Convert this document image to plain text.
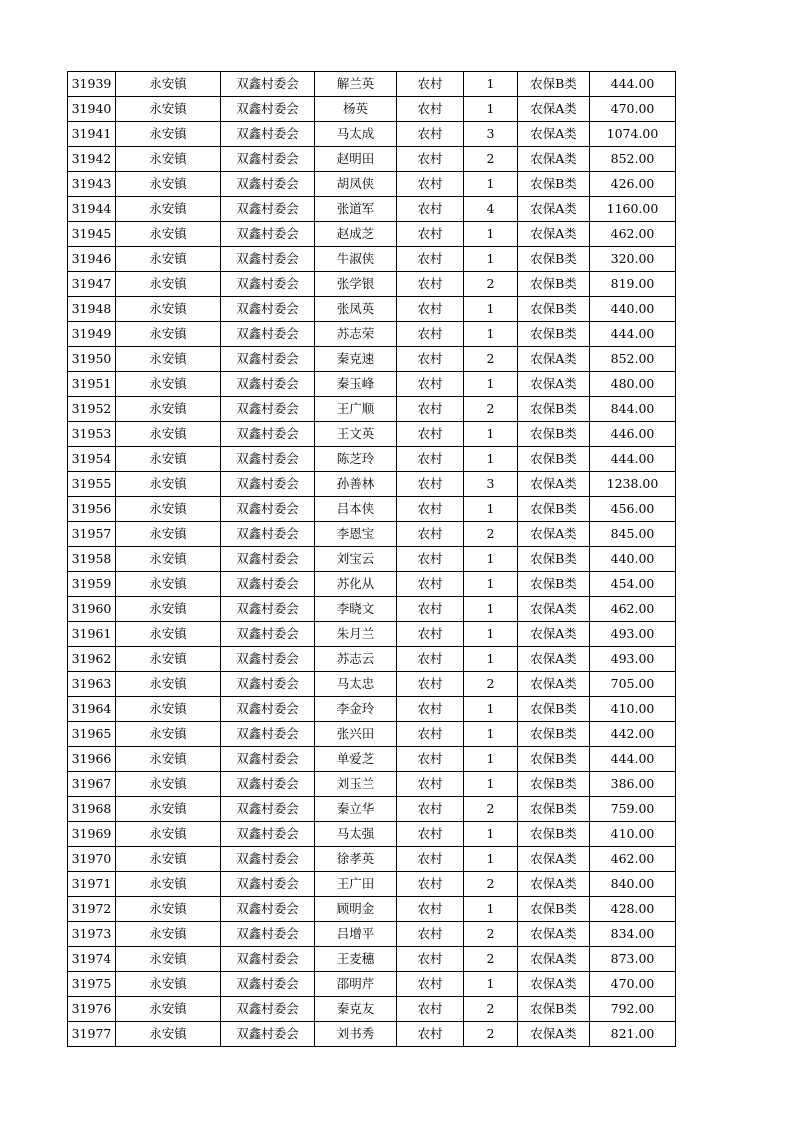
31939	永安镇	双鑫村委会	解兰英	农村	1	农保B类	444.00
31940	永安镇	双鑫村委会	杨英	农村	1	农保A类	470.00
31941	永安镇	双鑫村委会	马太成	农村	3	农保A类	1074.00
31942	永安镇	双鑫村委会	赵明田	农村	2	农保A类	852.00
31943	永安镇	双鑫村委会	胡凤侠	农村	1	农保B类	426.00
31944	永安镇	双鑫村委会	张道军	农村	4	农保A类	1160.00
31945	永安镇	双鑫村委会	赵成芝	农村	1	农保A类	462.00
31946	永安镇	双鑫村委会	牛淑侠	农村	1	农保B类	320.00
31947	永安镇	双鑫村委会	张学银	农村	2	农保B类	819.00
31948	永安镇	双鑫村委会	张凤英	农村	1	农保B类	440.00
31949	永安镇	双鑫村委会	苏志荣	农村	1	农保B类	444.00
31950	永安镇	双鑫村委会	秦克速	农村	2	农保A类	852.00
31951	永安镇	双鑫村委会	秦玉峰	农村	1	农保A类	480.00
31952	永安镇	双鑫村委会	王广顺	农村	2	农保B类	844.00
31953	永安镇	双鑫村委会	王文英	农村	1	农保B类	446.00
31954	永安镇	双鑫村委会	陈芝玲	农村	1	农保B类	444.00
31955	永安镇	双鑫村委会	孙善林	农村	3	农保A类	1238.00
31956	永安镇	双鑫村委会	吕本侠	农村	1	农保B类	456.00
31957	永安镇	双鑫村委会	李恩宝	农村	2	农保A类	845.00
31958	永安镇	双鑫村委会	刘宝云	农村	1	农保B类	440.00
31959	永安镇	双鑫村委会	苏化从	农村	1	农保B类	454.00
31960	永安镇	双鑫村委会	李晓文	农村	1	农保A类	462.00
31961	永安镇	双鑫村委会	朱月兰	农村	1	农保A类	493.00
31962	永安镇	双鑫村委会	苏志云	农村	1	农保A类	493.00
31963	永安镇	双鑫村委会	马太忠	农村	2	农保A类	705.00
31964	永安镇	双鑫村委会	李金玲	农村	1	农保B类	410.00
31965	永安镇	双鑫村委会	张兴田	农村	1	农保B类	442.00
31966	永安镇	双鑫村委会	单爱芝	农村	1	农保B类	444.00
31967	永安镇	双鑫村委会	刘玉兰	农村	1	农保B类	386.00
31968	永安镇	双鑫村委会	秦立华	农村	2	农保B类	759.00
31969	永安镇	双鑫村委会	马太强	农村	1	农保B类	410.00
31970	永安镇	双鑫村委会	徐孝英	农村	1	农保A类	462.00
31971	永安镇	双鑫村委会	王广田	农村	2	农保A类	840.00
31972	永安镇	双鑫村委会	顾明金	农村	1	农保B类	428.00
31973	永安镇	双鑫村委会	吕增平	农村	2	农保A类	834.00
31974	永安镇	双鑫村委会	王麦穗	农村	2	农保A类	873.00
31975	永安镇	双鑫村委会	邵明芹	农村	1	农保A类	470.00
31976	永安镇	双鑫村委会	秦克友	农村	2	农保B类	792.00
31977	永安镇	双鑫村委会	刘书秀	农村	2	农保A类	821.00
